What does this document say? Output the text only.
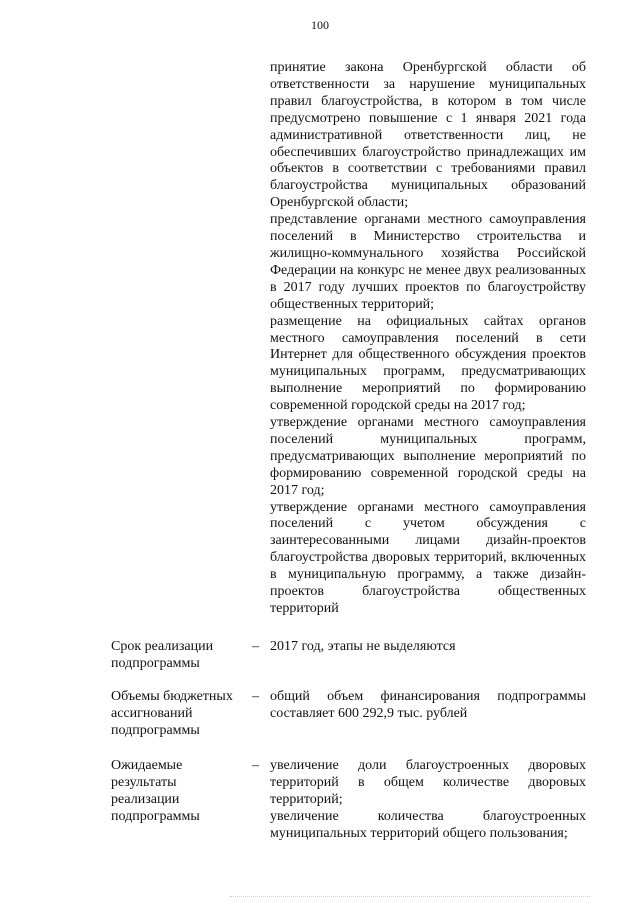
100

принятие закона Оренбургской области об ответственности за нарушение муниципальных правил благоустройства, в котором в том числе предусмотрено повышение с 1 января 2021 года административной ответственности лиц, не обеспечивших благоустройство принадлежащих им объектов в соответствии с требованиями правил благоустройства муниципальных образований Оренбургской области;

представление органами местного самоуправления поселений в Министерство строительства и жилищно-коммунального хозяйства Российской Федерации на конкурс не менее двух реализованных в 2017 году лучших проектов по благоустройству общественных территорий;

размещение на официальных сайтах органов местного самоуправления поселений в сети Интернет для общественного обсуждения проектов муниципальных программ, предусматривающих выполнение мероприятий по формированию современной городской среды на 2017 год;

утверждение органами местного самоуправления поселений муниципальных программ, предусматривающих выполнение мероприятий по формированию современной городской среды на 2017 год;

утверждение органами местного самоуправления поселений с учетом обсуждения с заинтересованными лицами дизайн-проектов благоустройства дворовых территорий, включенных в муниципальную программу, а также дизайн-проектов благоустройства общественных территорий

Срок реализации подпрограммы
– 2017 год, этапы не выделяются

Объемы бюджетных ассигнований подпрограммы
– общий объем финансирования подпрограммы составляет 600 292,9 тыс. рублей

Ожидаемые результаты реализации подпрограммы
– увеличение доли благоустроенных дворовых территорий в общем количестве дворовых территорий;

увеличение количества благоустроенных муниципальных территорий общего пользования;
